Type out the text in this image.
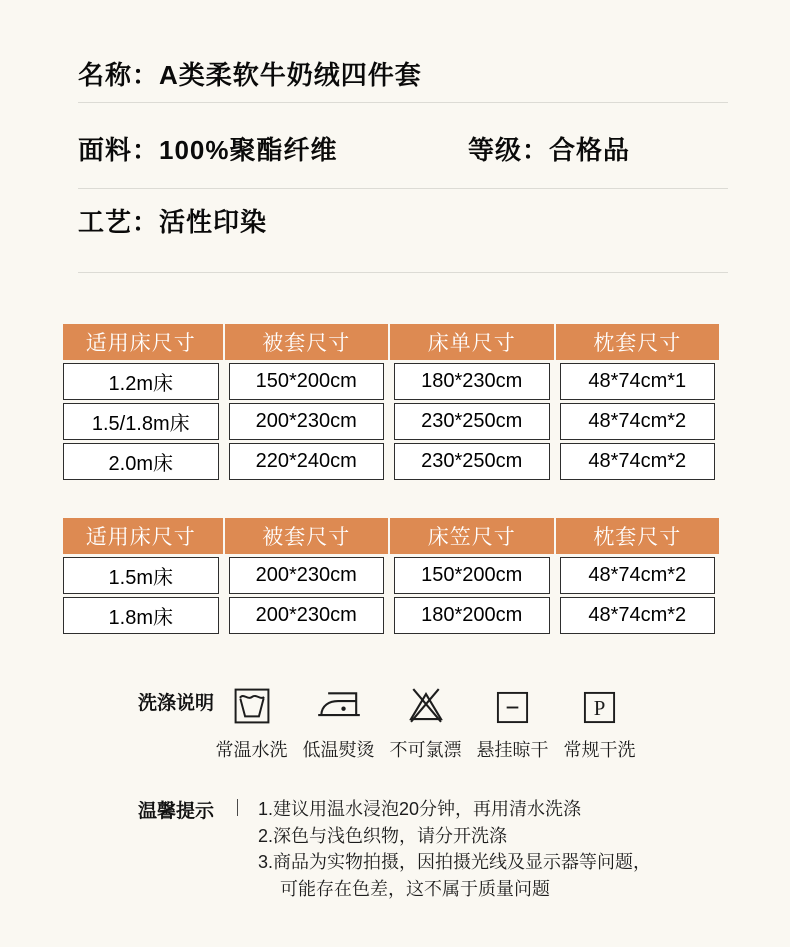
名称：A类柔软牛奶绒四件套
面料：100%聚酯纤维	等级：合格品
工艺：活性印染
适用床尺寸	被套尺寸	床单尺寸	枕套尺寸
1.2m床	150*200cm	180*230cm	48*74cm*1
1.5/1.8m床	200*230cm	230*250cm	48*74cm*2
2.0m床	220*240cm	230*250cm	48*74cm*2
适用床尺寸	被套尺寸	床笠尺寸	枕套尺寸
1.5m床	200*230cm	150*200cm	48*74cm*2
1.8m床	200*230cm	180*200cm	48*74cm*2
洗涤说明
常温水洗 低温熨烫 不可氯漂 悬挂晾干
P
常规干洗
温馨提示 1.建议用温水浸泡20分钟，再用清水洗涤
2.深色与浅色织物，请分开洗涤
3.商品为实物拍摄，因拍摄光线及显示器等问题，
可能存在色差，这不属于质量问题
